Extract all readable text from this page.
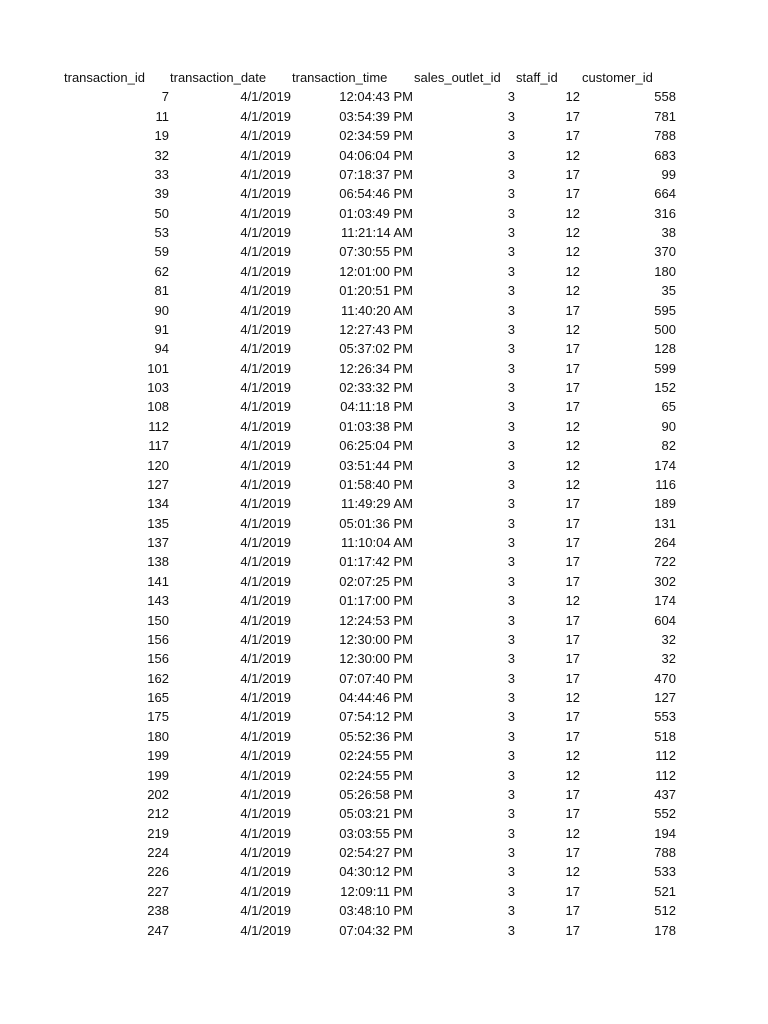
transaction_id	transaction_date	transaction_time	sales_outlet_id	staff_id	customer_id
7	4/1/2019	12:04:43 PM	3	12	558
11	4/1/2019	03:54:39 PM	3	17	781
19	4/1/2019	02:34:59 PM	3	17	788
32	4/1/2019	04:06:04 PM	3	12	683
33	4/1/2019	07:18:37 PM	3	17	99
39	4/1/2019	06:54:46 PM	3	17	664
50	4/1/2019	01:03:49 PM	3	12	316
53	4/1/2019	11:21:14 AM	3	12	38
59	4/1/2019	07:30:55 PM	3	12	370
62	4/1/2019	12:01:00 PM	3	12	180
81	4/1/2019	01:20:51 PM	3	12	35
90	4/1/2019	11:40:20 AM	3	17	595
91	4/1/2019	12:27:43 PM	3	12	500
94	4/1/2019	05:37:02 PM	3	17	128
101	4/1/2019	12:26:34 PM	3	17	599
103	4/1/2019	02:33:32 PM	3	17	152
108	4/1/2019	04:11:18 PM	3	17	65
112	4/1/2019	01:03:38 PM	3	12	90
117	4/1/2019	06:25:04 PM	3	12	82
120	4/1/2019	03:51:44 PM	3	12	174
127	4/1/2019	01:58:40 PM	3	12	116
134	4/1/2019	11:49:29 AM	3	17	189
135	4/1/2019	05:01:36 PM	3	17	131
137	4/1/2019	11:10:04 AM	3	17	264
138	4/1/2019	01:17:42 PM	3	17	722
141	4/1/2019	02:07:25 PM	3	17	302
143	4/1/2019	01:17:00 PM	3	12	174
150	4/1/2019	12:24:53 PM	3	17	604
156	4/1/2019	12:30:00 PM	3	17	32
156	4/1/2019	12:30:00 PM	3	17	32
162	4/1/2019	07:07:40 PM	3	17	470
165	4/1/2019	04:44:46 PM	3	12	127
175	4/1/2019	07:54:12 PM	3	17	553
180	4/1/2019	05:52:36 PM	3	17	518
199	4/1/2019	02:24:55 PM	3	12	112
199	4/1/2019	02:24:55 PM	3	12	112
202	4/1/2019	05:26:58 PM	3	17	437
212	4/1/2019	05:03:21 PM	3	17	552
219	4/1/2019	03:03:55 PM	3	12	194
224	4/1/2019	02:54:27 PM	3	17	788
226	4/1/2019	04:30:12 PM	3	12	533
227	4/1/2019	12:09:11 PM	3	17	521
238	4/1/2019	03:48:10 PM	3	17	512
247	4/1/2019	07:04:32 PM	3	17	178
